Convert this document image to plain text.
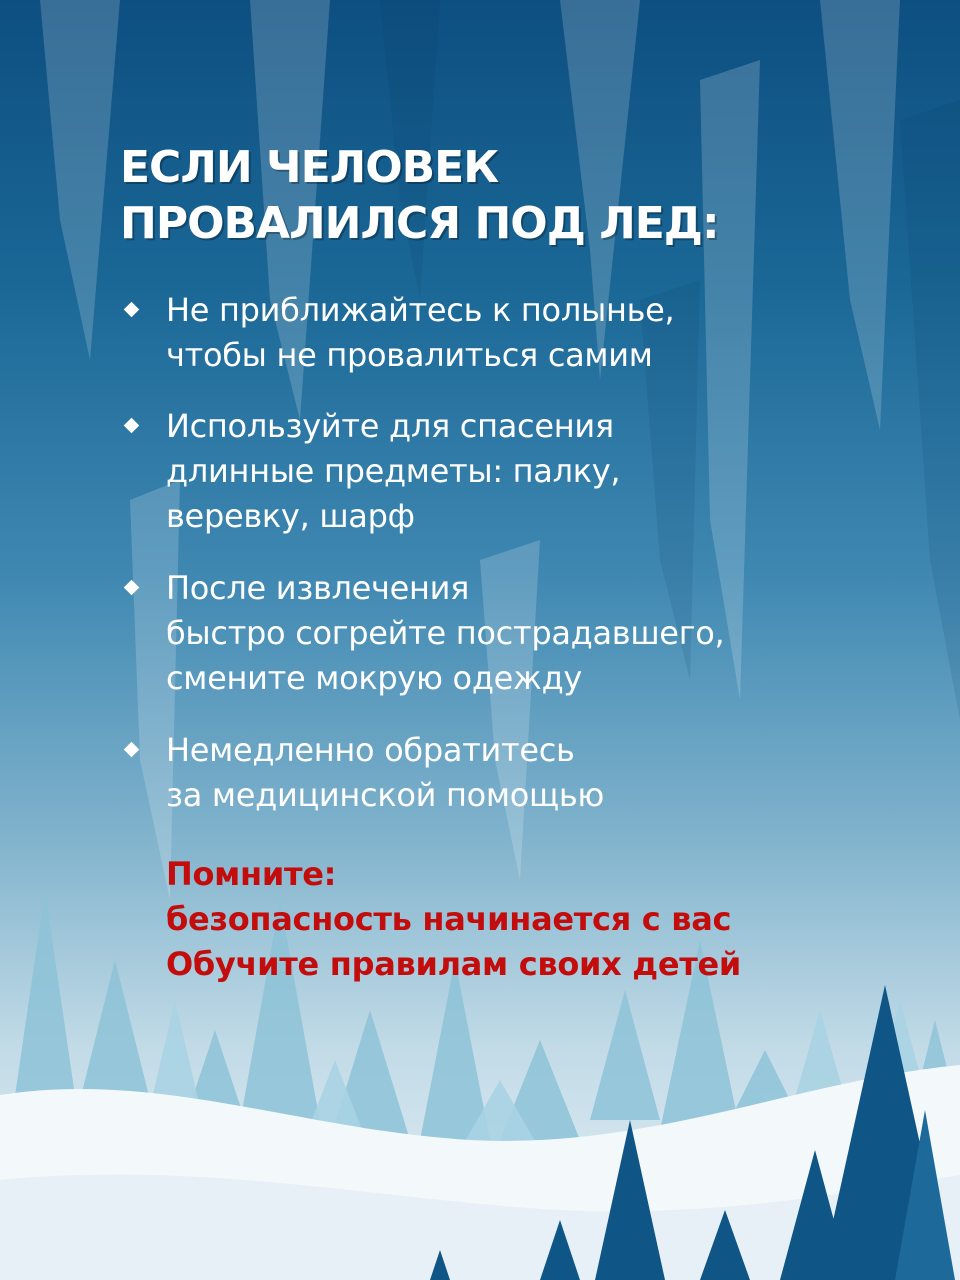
ЕСЛИ ЧЕЛОВЕК
ПРОВАЛИЛСЯ ПОД ЛЕД:
Не приближайтесь к полынье,
чтобы не провалиться самим
Используйте для спасения
длинные предметы: палку,
веревку, шарф
После извлечения
быстро согрейте пострадавшего,
смените мокрую одежду
Немедленно обратитесь
за медицинской помощью
Помните:
безопасность начинается с вас
Обучите правилам своих детей
